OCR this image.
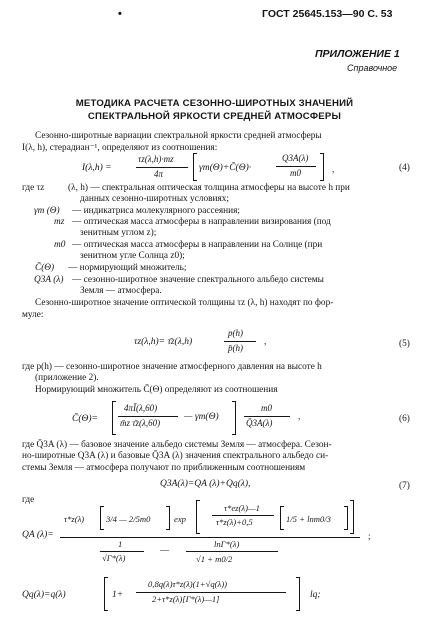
•	ГОСТ 25645.153—90 С. 53
ПРИЛОЖЕНИЕ 1
Справочное
МЕТОДИКА РАСЧЕТА СЕЗОННО-ШИРОТНЫХ ЗНАЧЕНИЙ
СПЕКТРАЛЬНОЙ ЯРКОСТИ СРЕДНЕЙ АТМОСФЕРЫ
Сезонно-широтные вариации спектральной яркости средней атмосферы
I(λ, h), стерадиан⁻¹, определяют из соотношения:
I(λ,h) =
τz(λ,h)·mz
4π
γm(Θ)+C̄(Θ)·
Q3A(λ)
m0	,	(4)
где τz	(λ, h) — спектральная оптическая толщина атмосферы на высоте h при
данных сезонно-широтных условиях;
γm (Θ) — индикатриса молекулярного рассеяния;
mz — оптическая масса атмосферы в направлении визирования (под
зенитным углом z);
m0 — оптическая масса атмосферы в направлении на Солнце (при
зенитном угле Солнца z0);
C̄(Θ) — нормирующий множитель;
Q3A (λ) — сезонно-широтное значение спектрального альбедо системы
Земля — атмосфера.
Сезонно-широтное значение оптической толщины τz (λ, h) находят по фор-
муле:
τz(λ,h)= τ̄z(λ,h)
p(h)
p̄(h)
,	(5)
где p(h) — сезонно-широтное значение атмосферного давления на высоте h
(приложение 2).
Нормирующий множитель C̄(Θ) определяют из соотношения
C̄(Θ)=
4πĪ(λ,60)
m̄z τ̄z(λ,60)
— γm(Θ)
m0
Q̄3A(λ)
,	(6)
где Q̄3A (λ) — базовое значение альбедо системы Земля — атмосфера. Сезон-
но-широтные Q3A (λ) и базовые Q̄3A (λ) значения спектрального альбедо си-
стемы Земля — атмосфера получают по приближенным соотношениям
Q3A(λ)=QA (λ)+Qq(λ),	(7)
где
QA (λ)=
τ*z(λ)	3/4 — 2/5m0	exp
τ*ez(λ)—1
τ*z(λ)+0,5	1/5 + lnm0/3
1
√Γ*(λ)
—
lnΓ*(λ)
√1 + m0/2
;
Qq(λ)=q(λ)	1+
0,8q(λ)τ*z(λ)(1+√q(λ))
2+τ*z(λ)[Γ*(λ)—1]	lq;
